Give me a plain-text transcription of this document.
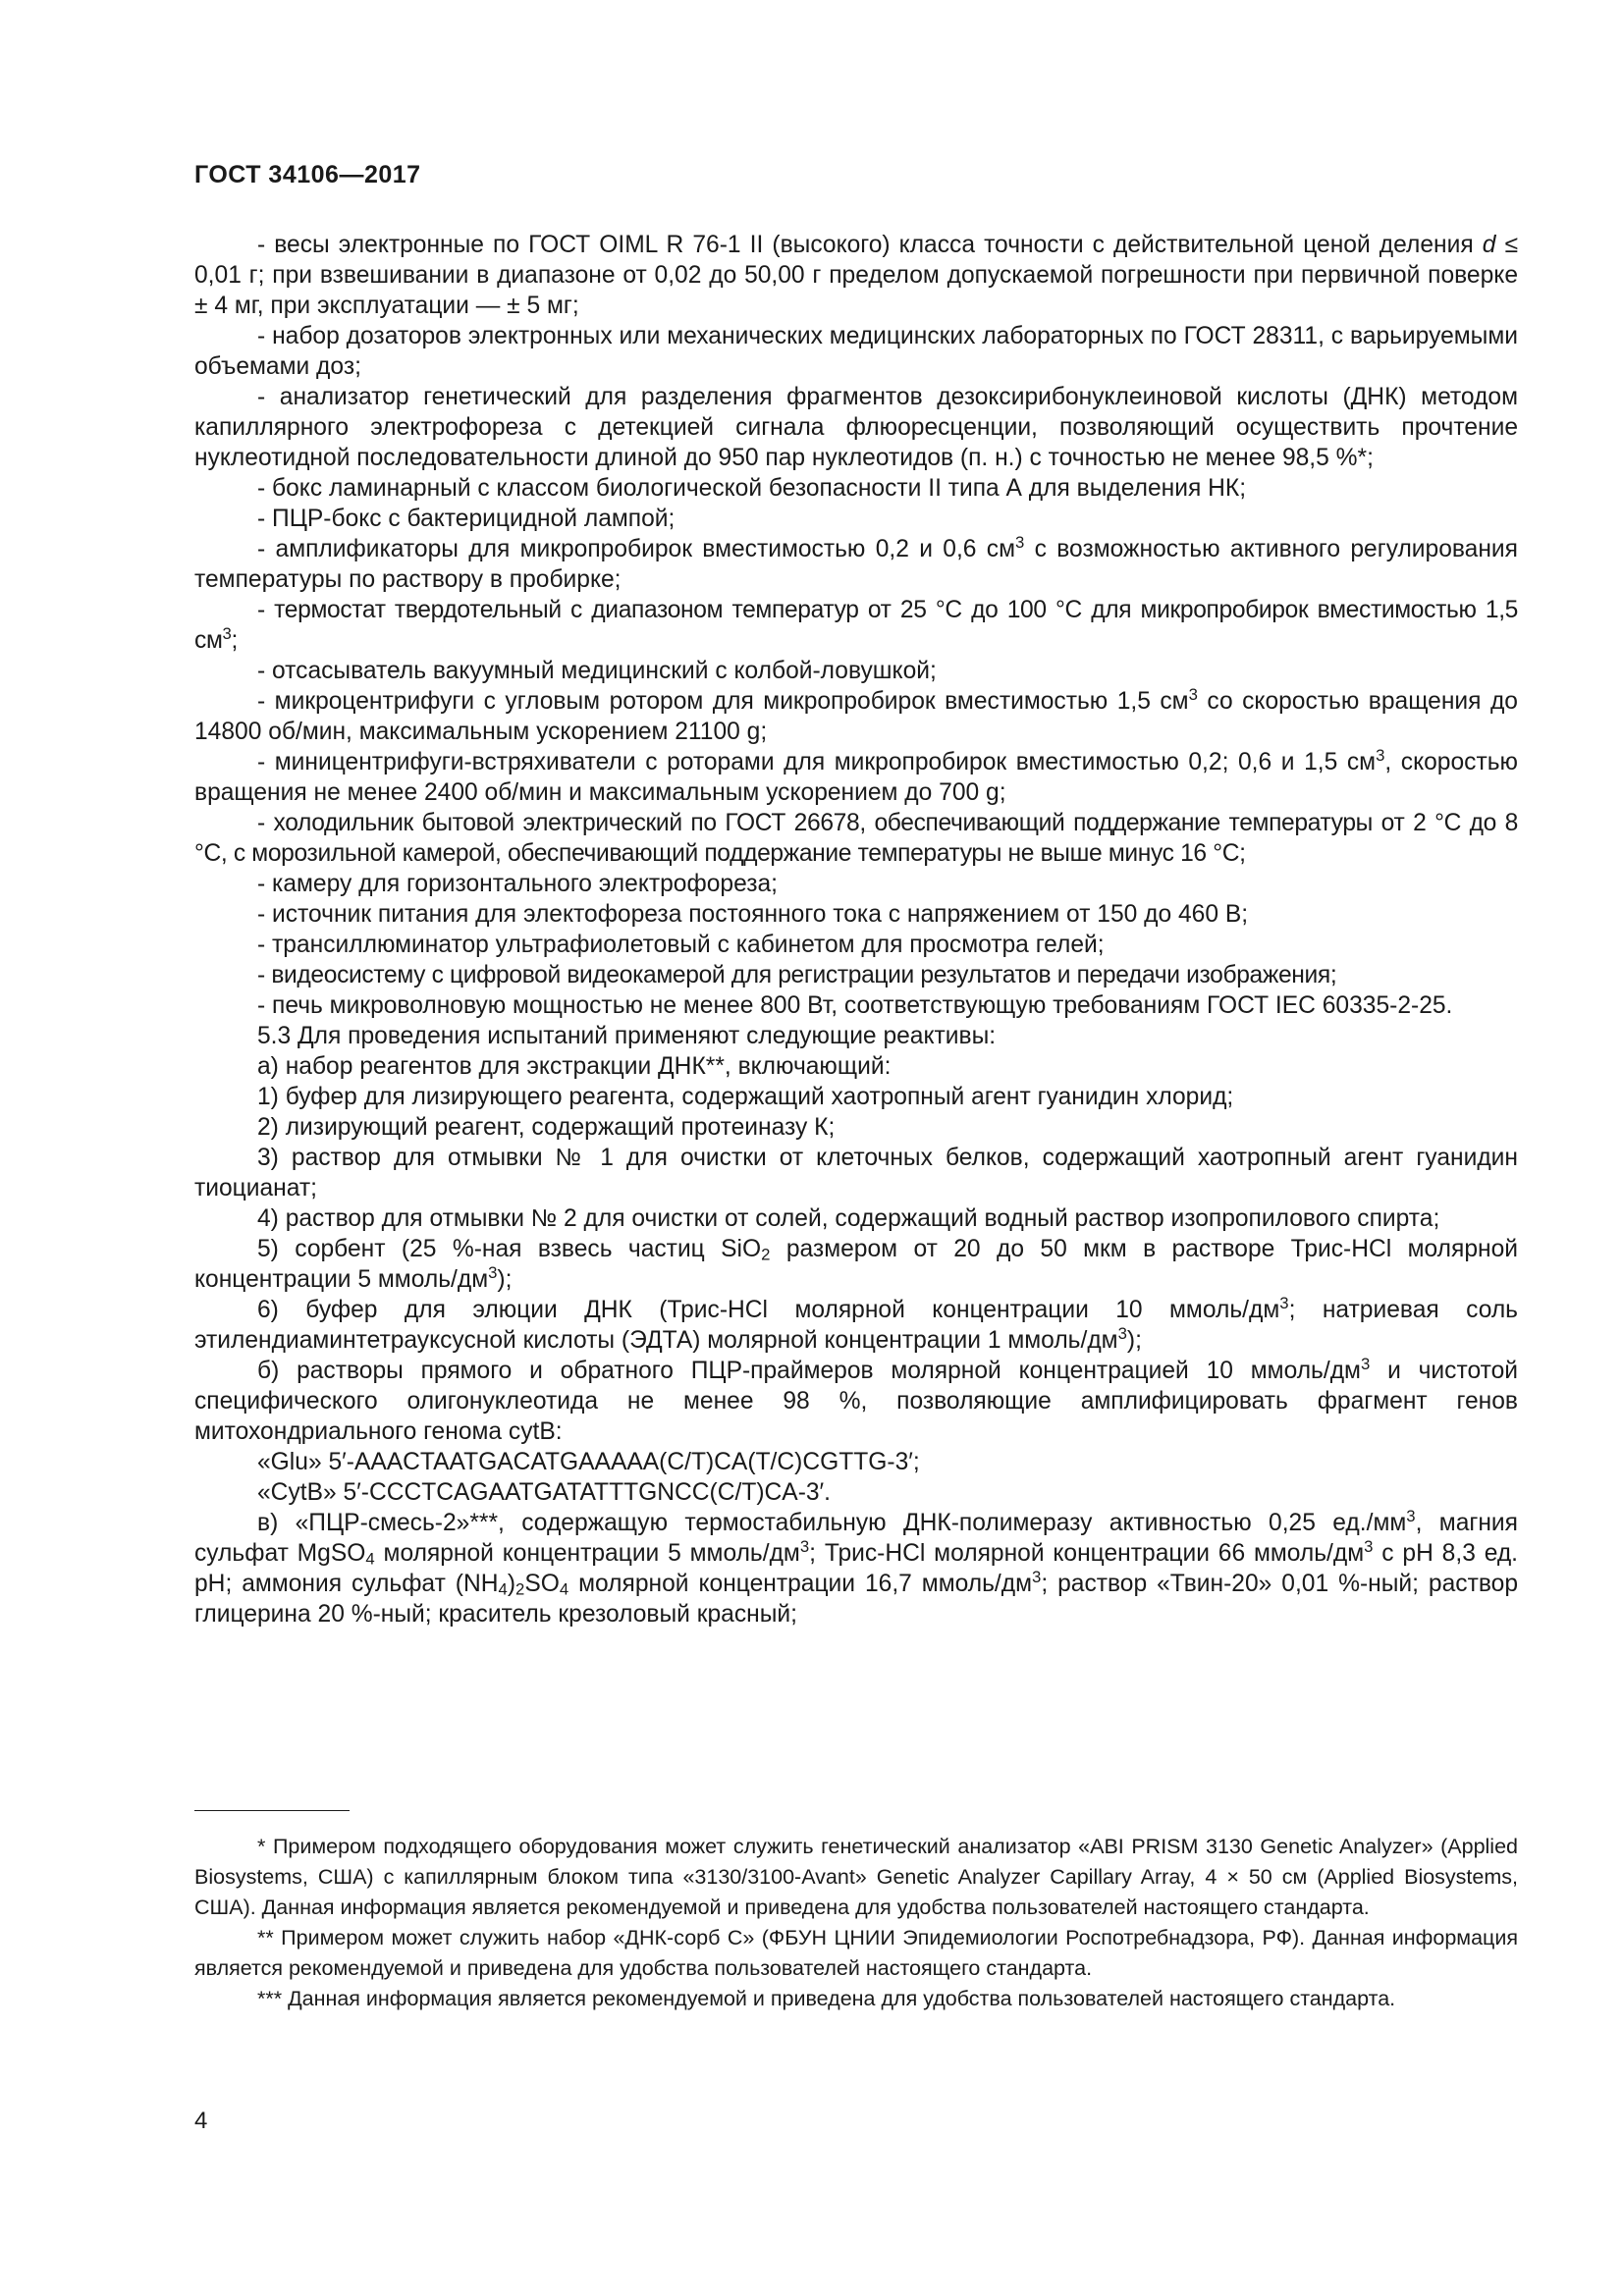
ГОСТ 34106—2017

- весы электронные по ГОСТ OIML R 76-1 II (высокого) класса точности с действительной ценой деления d ≤ 0,01 г; при взвешивании в диапазоне от 0,02 до 50,00 г пределом допускаемой погрешности при первичной поверке ± 4 мг, при эксплуатации — ± 5 мг;

- набор дозаторов электронных или механических медицинских лабораторных по ГОСТ 28311, с варьируемыми объемами доз;

- анализатор генетический для разделения фрагментов дезоксирибонуклеиновой кислоты (ДНК) методом капиллярного электрофореза с детекцией сигнала флюоресценции, позволяющий осуществить прочтение нуклеотидной последовательности длиной до 950 пар нуклеотидов (п. н.) с точностью не менее 98,5 %*;

- бокс ламинарный с классом биологической безопасности II типа А для выделения НК;

- ПЦР-бокс с бактерицидной лампой;

- амплификаторы для микропробирок вместимостью 0,2 и 0,6 $см^3$ с возможностью активного регулирования температуры по раствору в пробирке;

- термостат твердотельный с диапазоном температур от 25 °C до 100 °C для микропробирок вместимостью 1,5 $см^3$;

- отсасыватель вакуумный медицинский с колбой-ловушкой;

- микроцентрифуги с угловым ротором для микропробирок вместимостью 1,5 $см^3$ со скоростью вращения до 14800 об/мин, максимальным ускорением 21100 g;

- миницентрифуги-встряхиватели с роторами для микропробирок вместимостью 0,2; 0,6 и 1,5 $см^3$, скоростью вращения не менее 2400 об/мин и максимальным ускорением до 700 g;

- холодильник бытовой электрический по ГОСТ 26678, обеспечивающий поддержание температуры от 2 °C до 8 °C, с морозильной камерой, обеспечивающий поддержание температуры не выше минус 16 °C;

- камеру для горизонтального электрофореза;

- источник питания для электофореза постоянного тока с напряжением от 150 до 460 В;

- трансиллюминатор ультрафиолетовый с кабинетом для просмотра гелей;

- видеосистему с цифровой видеокамерой для регистрации результатов и передачи изображения;

- печь микроволновую мощностью не менее 800 Вт, соответствующую требованиям ГОСТ IEC 60335-2-25.

5.3 Для проведения испытаний применяют следующие реактивы:

а) набор реагентов для экстракции ДНК**, включающий:

1) буфер для лизирующего реагента, содержащий хаотропный агент гуанидин хлорид;

2) лизирующий реагент, содержащий протеиназу К;

3) раствор для отмывки № 1 для очистки от клеточных белков, содержащий хаотропный агент гуанидин тиоцианат;

4) раствор для отмывки № 2 для очистки от солей, содержащий водный раствор изопропилового спирта;

5) сорбент (25 %-ная взвесь частиц SiO$_2$ размером от 20 до 50 мкм в растворе Трис-HCl молярной концентрации 5 ммоль/$дм^3$);

6) буфер для элюции ДНК (Трис-HCl молярной концентрации 10 ммоль/$дм^3$; натриевая соль этилендиаминтетрауксусной кислоты (ЭДТА) молярной концентрации 1 ммоль/$дм^3$);

б) растворы прямого и обратного ПЦР-праймеров молярной концентрацией 10 ммоль/$дм^3$ и чистотой специфического олигонуклеотида не менее 98 %, позволяющие амплифицировать фрагмент генов митохондриального генома cytB:

«Glu» 5′-AAACTAATGACATGAAAAA(C/T)CA(T/C)CGTTG-3′;

«CytB» 5′-CCCTCAGAATGATATTTGNCC(C/T)CA-3′.

в) «ПЦР-смесь-2»***, содержащую термостабильную ДНК-полимеразу активностью 0,25 $ед./мм^3$, магния сульфат MgSO$_4$ молярной концентрации 5 ммоль/$дм^3$; Трис-HCl молярной концентрации 66 ммоль/$дм^3$ с pH 8,3 ед. pH; аммония сульфат $(NH_4)_2SO_4$ молярной концентрации 16,7 ммоль/$дм^3$; раствор «Твин-20» 0,01 %-ный; раствор глицерина 20 %-ный; краситель крезоловый красный;

* Примером подходящего оборудования может служить генетический анализатор «ABI PRISM 3130 Genetic Analyzer» (Applied Biosystems, США) с капиллярным блоком типа «3130/3100-Avant» Genetic Analyzer Capillary Array, 4 × 50 см (Applied Biosystems, США). Данная информация является рекомендуемой и приведена для удобства пользователей настоящего стандарта.

** Примером может служить набор «ДНК-сорб С» (ФБУН ЦНИИ Эпидемиологии Роспотребнадзора, РФ). Данная информация является рекомендуемой и приведена для удобства пользователей настоящего стандарта.

*** Данная информация является рекомендуемой и приведена для удобства пользователей настоящего стандарта.

4
